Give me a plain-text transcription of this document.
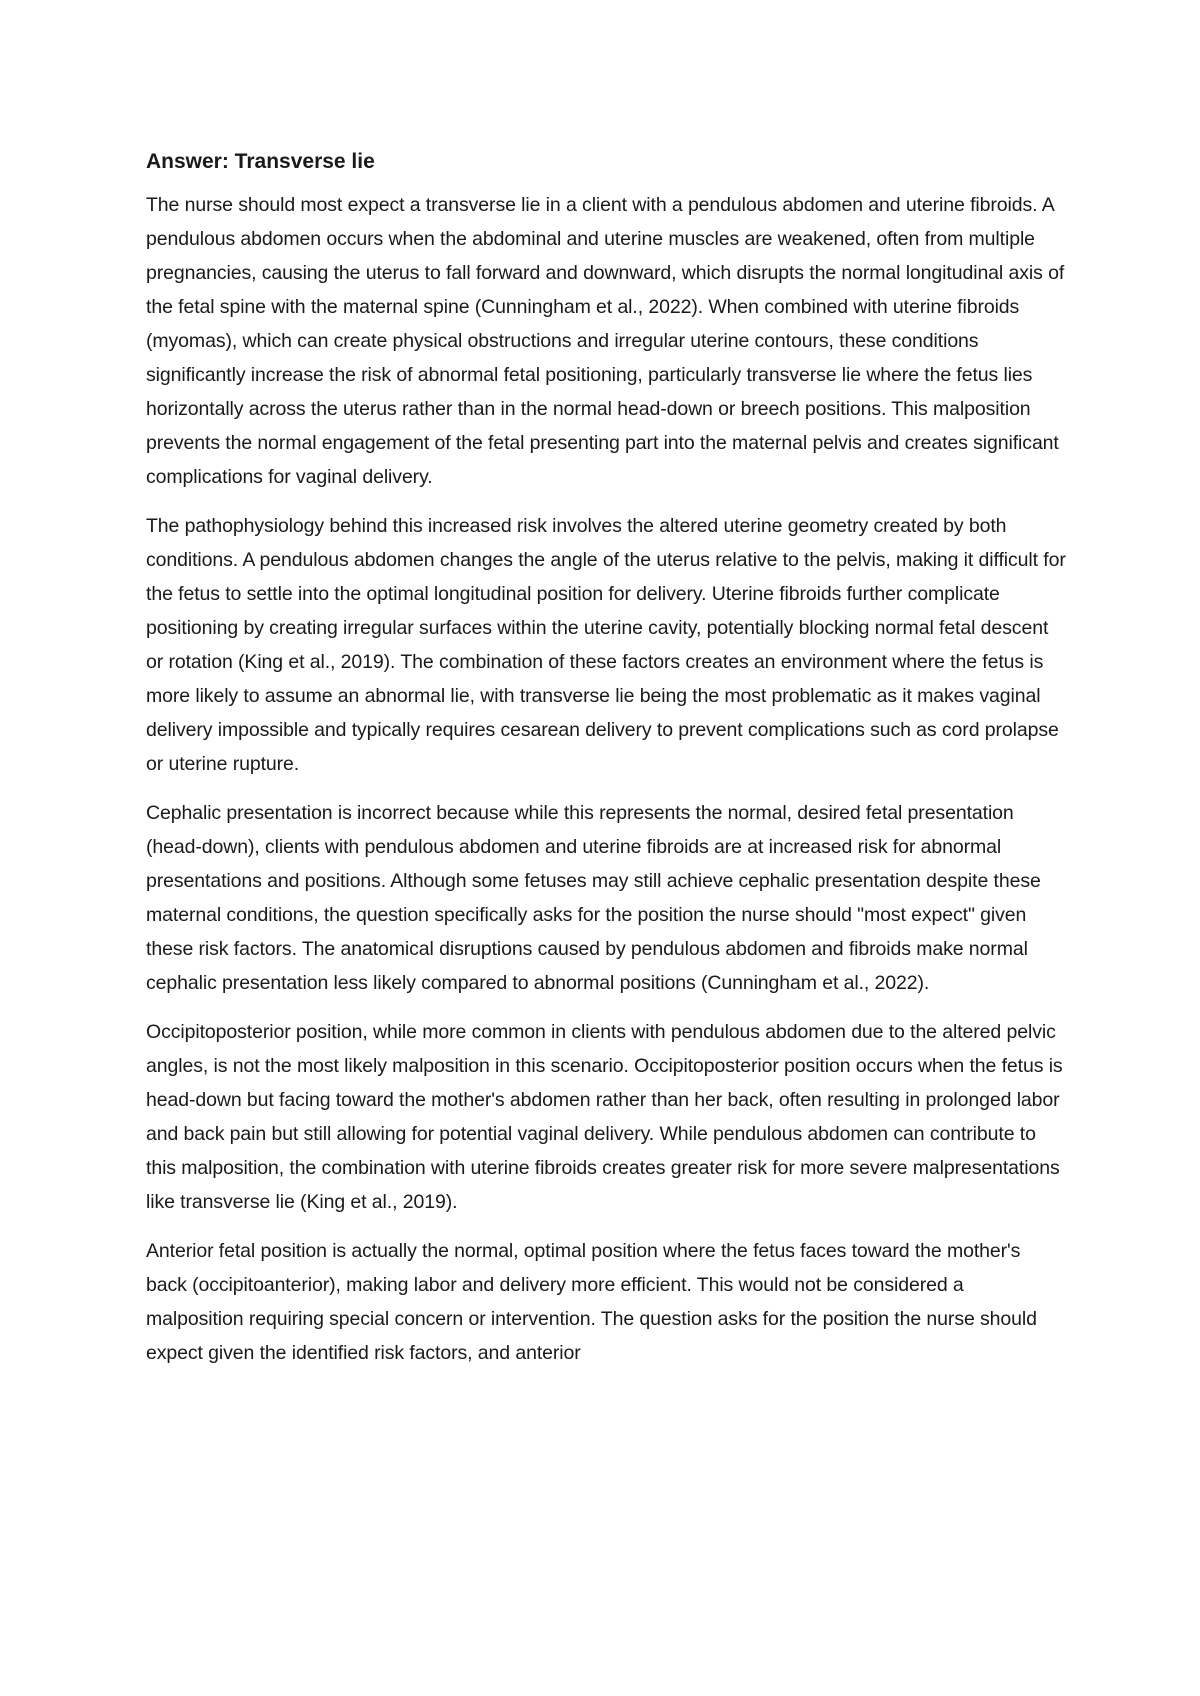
Answer: Transverse lie

The nurse should most expect a transverse lie in a client with a pendulous abdomen and uterine fibroids. A pendulous abdomen occurs when the abdominal and uterine muscles are weakened, often from multiple pregnancies, causing the uterus to fall forward and downward, which disrupts the normal longitudinal axis of the fetal spine with the maternal spine (Cunningham et al., 2022). When combined with uterine fibroids (myomas), which can create physical obstructions and irregular uterine contours, these conditions significantly increase the risk of abnormal fetal positioning, particularly transverse lie where the fetus lies horizontally across the uterus rather than in the normal head-down or breech positions. This malposition prevents the normal engagement of the fetal presenting part into the maternal pelvis and creates significant complications for vaginal delivery.

The pathophysiology behind this increased risk involves the altered uterine geometry created by both conditions. A pendulous abdomen changes the angle of the uterus relative to the pelvis, making it difficult for the fetus to settle into the optimal longitudinal position for delivery. Uterine fibroids further complicate positioning by creating irregular surfaces within the uterine cavity, potentially blocking normal fetal descent or rotation (King et al., 2019). The combination of these factors creates an environment where the fetus is more likely to assume an abnormal lie, with transverse lie being the most problematic as it makes vaginal delivery impossible and typically requires cesarean delivery to prevent complications such as cord prolapse or uterine rupture.

Cephalic presentation is incorrect because while this represents the normal, desired fetal presentation (head-down), clients with pendulous abdomen and uterine fibroids are at increased risk for abnormal presentations and positions. Although some fetuses may still achieve cephalic presentation despite these maternal conditions, the question specifically asks for the position the nurse should "most expect" given these risk factors. The anatomical disruptions caused by pendulous abdomen and fibroids make normal cephalic presentation less likely compared to abnormal positions (Cunningham et al., 2022).

Occipitoposterior position, while more common in clients with pendulous abdomen due to the altered pelvic angles, is not the most likely malposition in this scenario. Occipitoposterior position occurs when the fetus is head-down but facing toward the mother's abdomen rather than her back, often resulting in prolonged labor and back pain but still allowing for potential vaginal delivery. While pendulous abdomen can contribute to this malposition, the combination with uterine fibroids creates greater risk for more severe malpresentations like transverse lie (King et al., 2019).

Anterior fetal position is actually the normal, optimal position where the fetus faces toward the mother's back (occipitoanterior), making labor and delivery more efficient. This would not be considered a malposition requiring special concern or intervention. The question asks for the position the nurse should expect given the identified risk factors, and anterior
